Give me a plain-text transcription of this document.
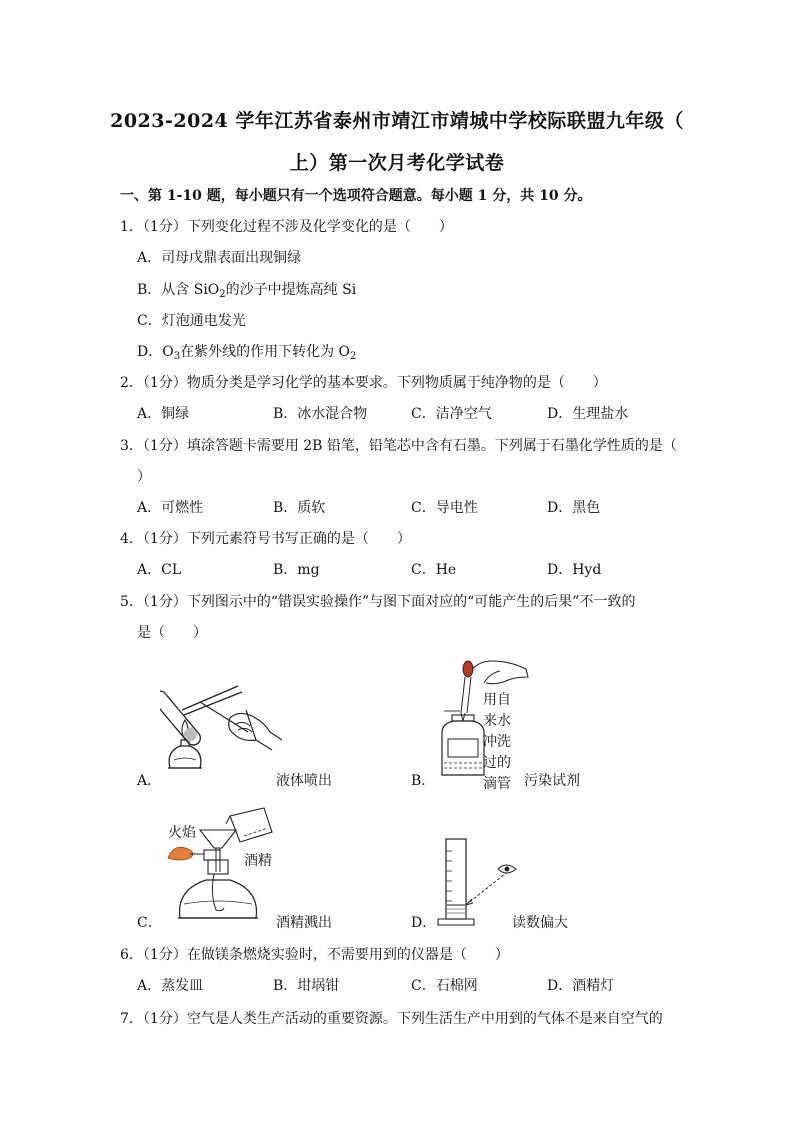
2023-2024 学年江苏省泰州市靖江市靖城中学校际联盟九年级（
上）第一次月考化学试卷
一、第 1-10 题，每小题只有一个选项符合题意。每小题 1 分，共 10 分。
1．（1分）下列变化过程不涉及化学变化的是（　　）
A．司母戊鼎表面出现铜绿
B．从含 SiO$_2$的沙子中提炼高纯 Si
C．灯泡通电发光
D．$O_3$在紫外线的作用下转化为 $O_2$
2．（1分）物质分类是学习化学的基本要求。下列物质属于纯净物的是（　　）
A．铜绿	B．冰水混合物	C．洁净空气	D．生理盐水
3．（1分）填涂答题卡需要用 2B 铅笔，铅笔芯中含有石墨。下列属于石墨化学性质的是（
）
A．可燃性	B．质软	C．导电性	D．黑色
4．（1分）下列元素符号书写正确的是（　　）
A．CL	B．mg	C．He	D．Hyd
5．（1分）下列图示中的“错误实验操作”与图下面对应的“可能产生的后果”不一致的
是（　　）
A．	液体喷出	B．
用自
来水
冲洗
过的
滴管 污染试剂
C．
火焰
酒精
酒精溅出	D．	读数偏大
6．（1分）在做镁条燃烧实验时，不需要用到的仪器是（　　）
A．蒸发皿	B．坩埚钳	C．石棉网	D．酒精灯
7．（1分）空气是人类生产活动的重要资源。下列生活生产中用到的气体不是来自空气的
